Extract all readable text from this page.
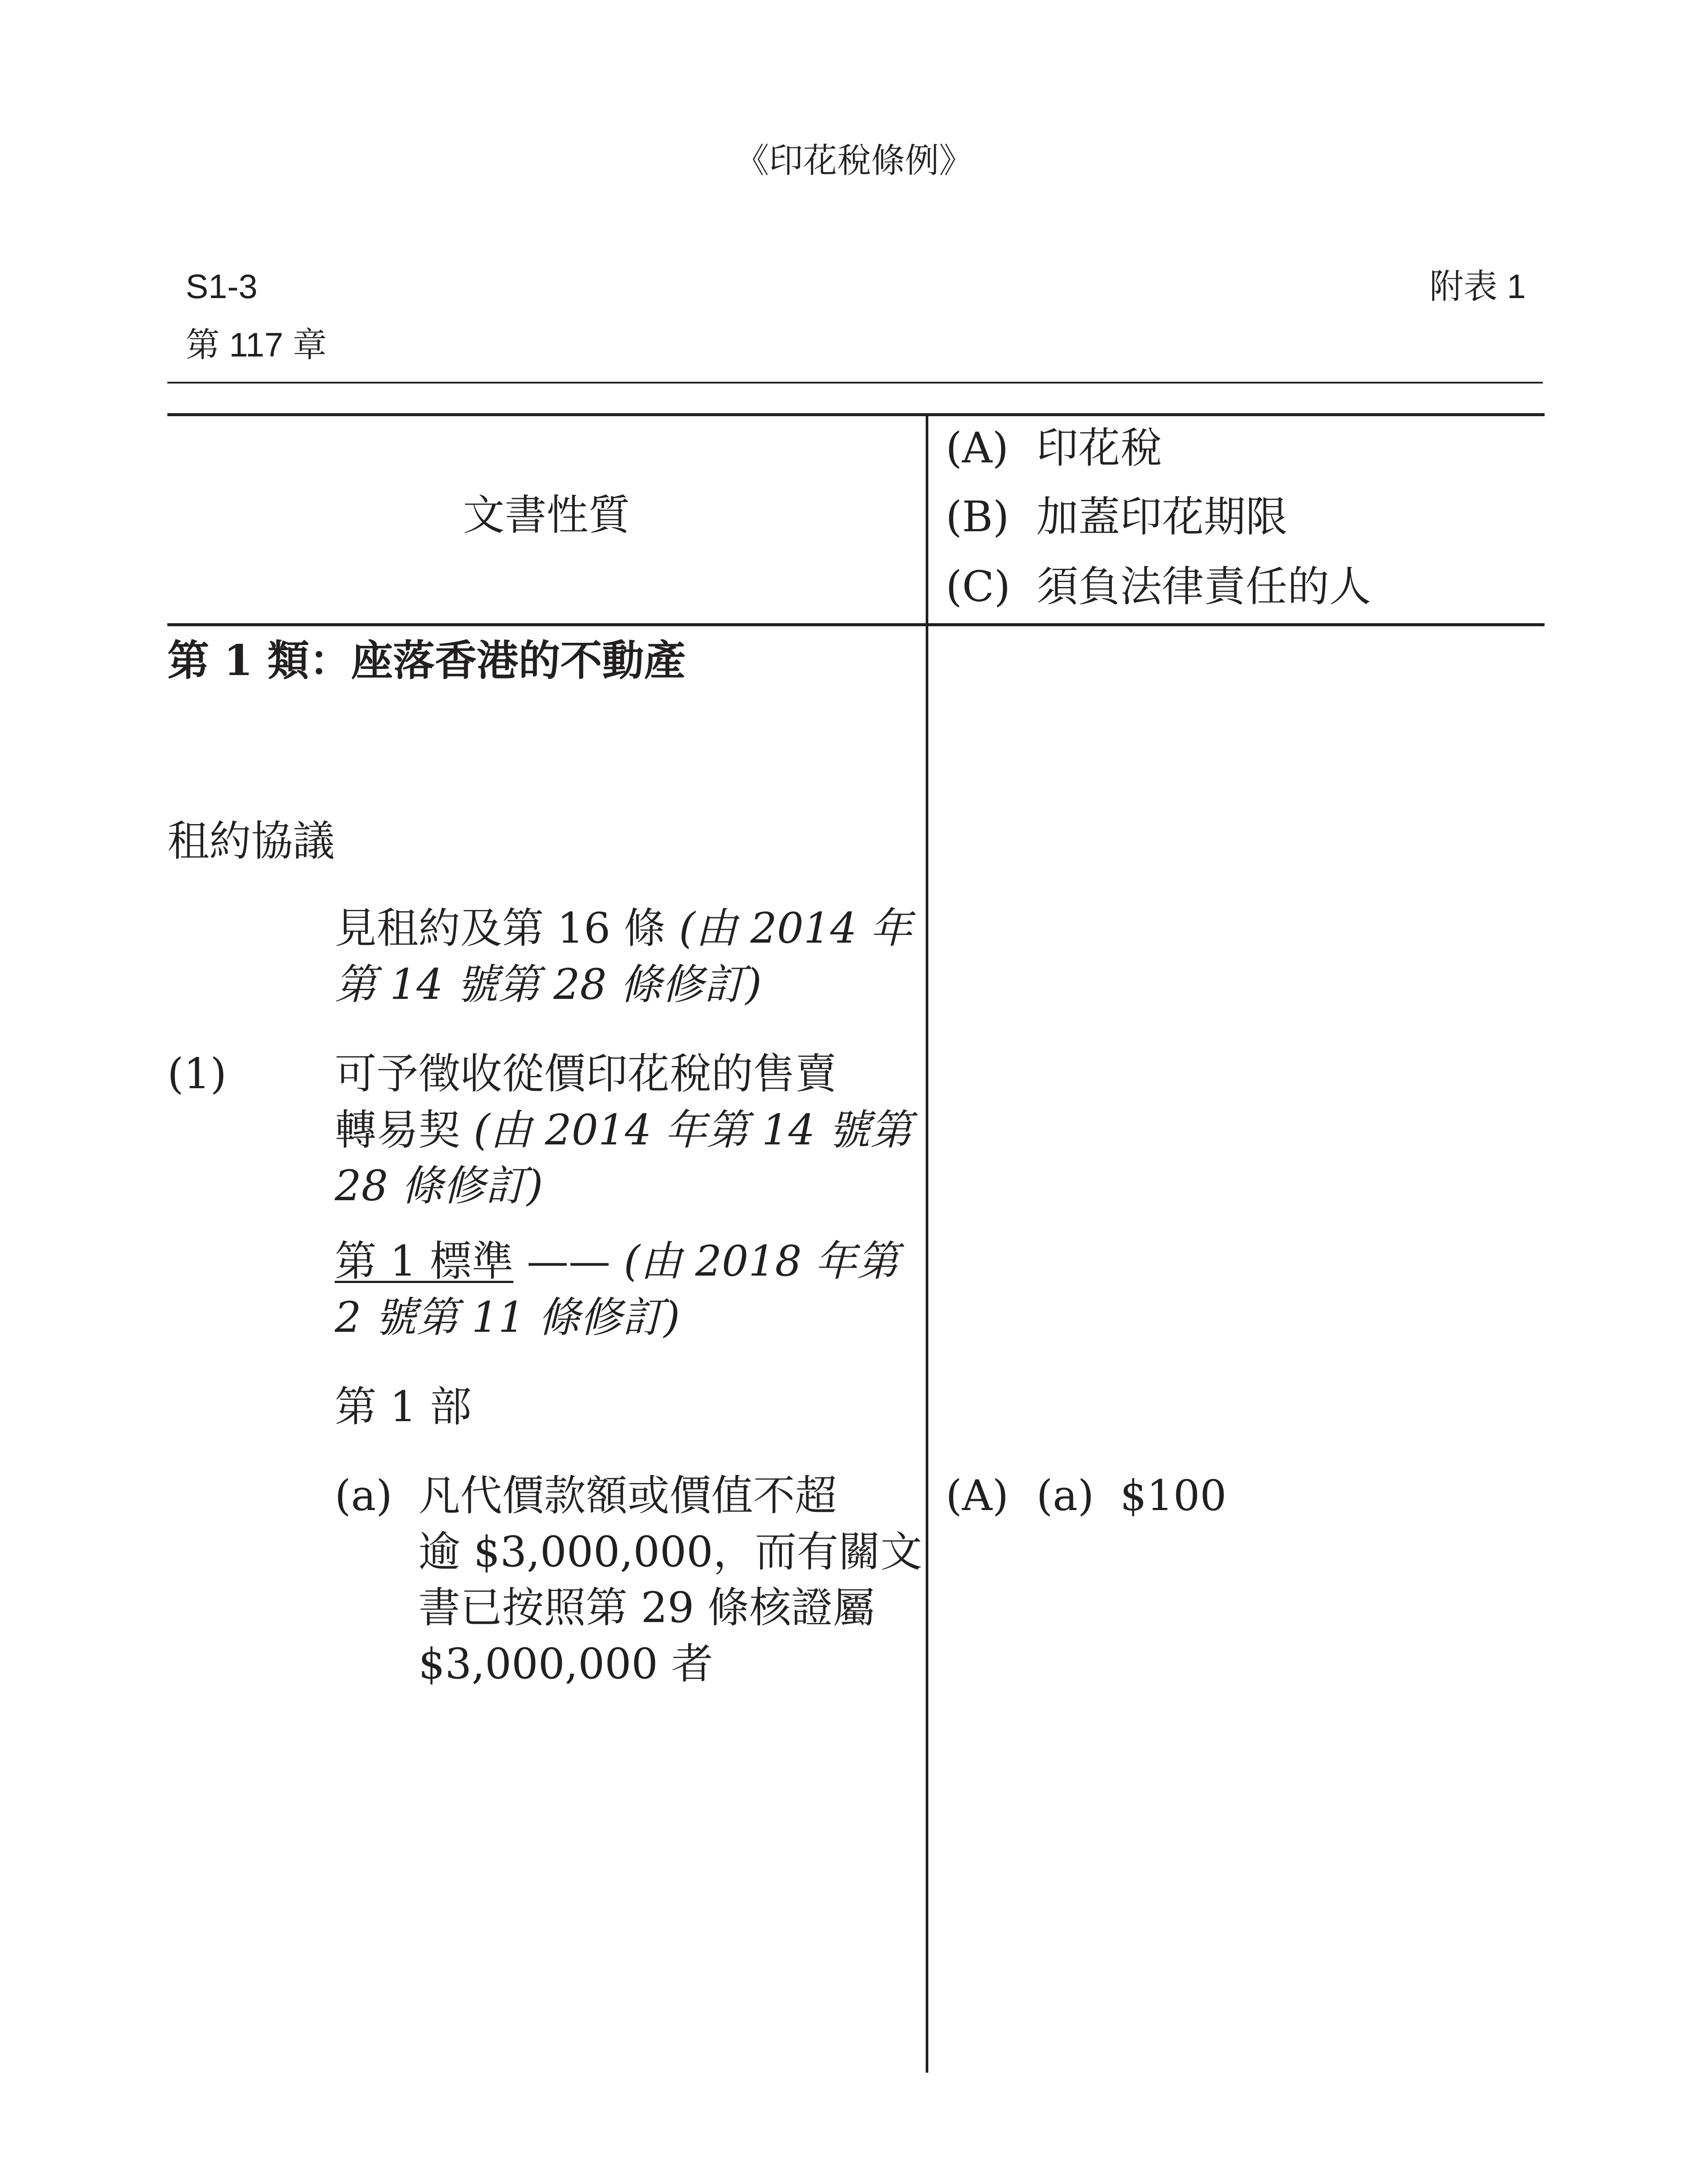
《印花稅條例》
S1-3	附表 1
第 117 章
文書性質
(A) 印花稅
(B) 加蓋印花期限
(C) 須負法律責任的人
第 1 類：座落香港的不動產
租約協議
見租約及第 16 條 (由 2014 年
第 14 號第 28 條修訂)
(1)	可予徵收從價印花稅的售賣
轉易契 (由 2014 年第 14 號第
28 條修訂)
第 1 標準 —— (由 2018 年第
2 號第 11 條修訂)
第 1 部
(a) 凡代價款額或價值不超
逾 $3,000,000，而有關文
書已按照第 29 條核證屬
$3,000,000 者
(A) (a) $100
